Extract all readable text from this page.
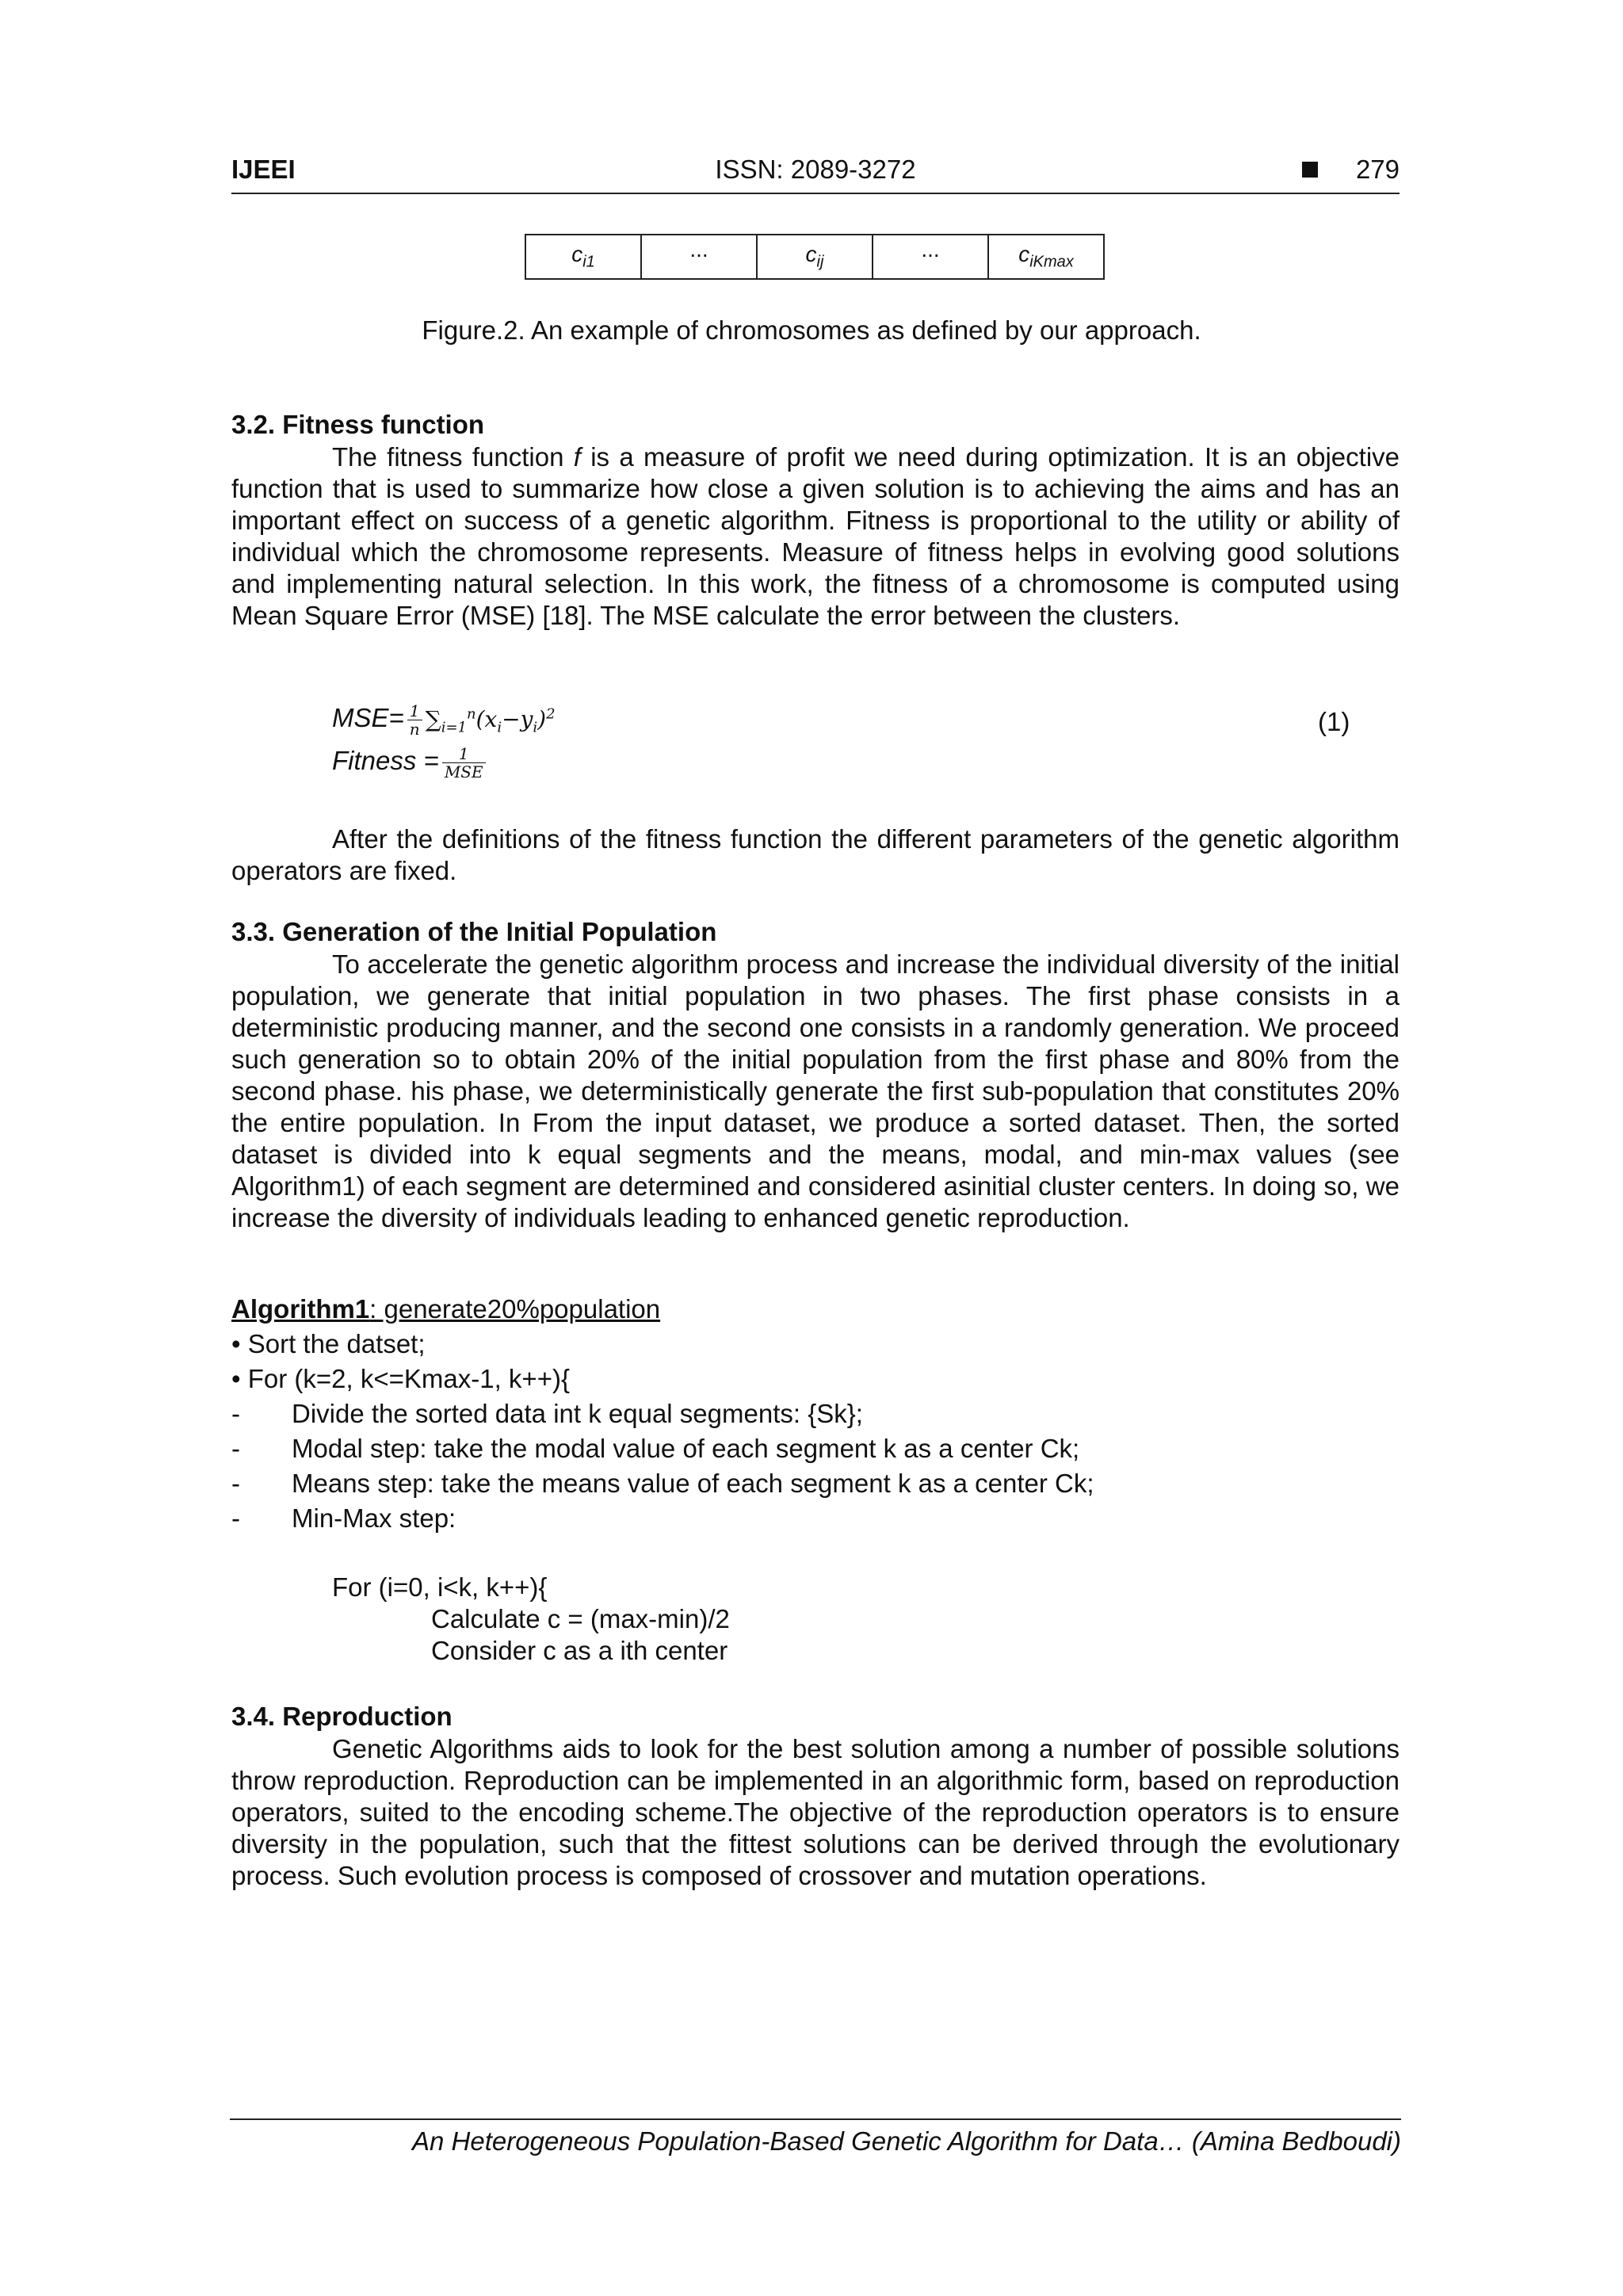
IJEEI	ISSN: 2089-3272	279
$c_{i1}$	...	$c_{ij}$	...	$c_{iKmax}$
Figure.2. An example of chromosomes as defined by our approach.
3.2. Fitness function

The fitness function f is a measure of profit we need during optimization. It is an objective function that is used to summarize how close a given solution is to achieving the aims and has an important effect on success of a genetic algorithm. Fitness is proportional to the utility or ability of individual which the chromosome represents. Measure of fitness helps in evolving good solutions and implementing natural selection. In this work, the fitness of a chromosome is computed using Mean Square Error (MSE) [18]. The MSE calculate the error between the clusters.

$MSE= \frac{1}{n} \sum_{i=1}^n(x_i-y_i)^2$	(1)
Fitness = $\frac{1}{\text{MSE}}$

After the definitions of the fitness function the different parameters of the genetic algorithm operators are fixed.

3.3. Generation of the Initial Population

To accelerate the genetic algorithm process and increase the individual diversity of the initial population, we generate that initial population in two phases. The first phase consists in a deterministic producing manner, and the second one consists in a randomly generation. We proceed such generation so to obtain 20% of the initial population from the first phase and 80% from the second phase. his phase, we deterministically generate the first sub-population that constitutes 20% the entire population. In From the input dataset, we produce a sorted dataset. Then, the sorted dataset is divided into k equal segments and the means, modal, and min-max values (see Algorithm1) of each segment are determined and considered asinitial cluster centers. In doing so, we increase the diversity of individuals leading to enhanced genetic reproduction.

Algorithm1: generate20%population
• Sort the datset;
• For (k=2, k<=Kmax-1, k++){
- Divide the sorted data int k equal segments: {Sk};
- Modal step: take the modal value of each segment k as a center Ck;
- Means step: take the means value of each segment k as a center Ck;
- Min-Max step:
For (i=0, i<k, k++){
Calculate c = (max-min)/2
Consider c as a ith center
3.4. Reproduction

Genetic Algorithms aids to look for the best solution among a number of possible solutions throw reproduction. Reproduction can be implemented in an algorithmic form, based on reproduction operators, suited to the encoding scheme.The objective of the reproduction operators is to ensure diversity in the population, such that the fittest solutions can be derived through the evolutionary process. Such evolution process is composed of crossover and mutation operations.

An Heterogeneous Population-Based Genetic Algorithm for Data… (Amina Bedboudi)
